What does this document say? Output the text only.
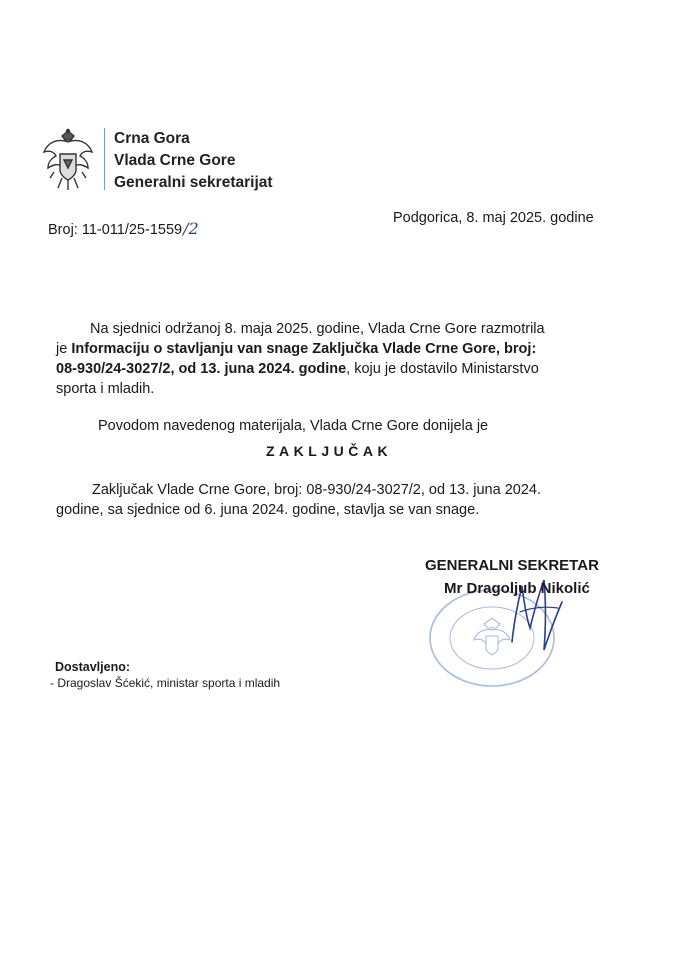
Crna Gora
Vlada Crne Gore
Generalni sekretarijat
Broj: 11-011/25-1559/2
Podgorica, 8. maj 2025. godine
Na sjednici održanoj 8. maja 2025. godine, Vlada Crne Gore razmotrila
je Informaciju o stavljanju van snage Zaključka Vlade Crne Gore, broj:
08-930/24-3027/2, od 13. juna 2024. godine, koju je dostavilo Ministarstvo
sporta i mladih.
Povodom navedenog materijala, Vlada Crne Gore donijela je
ZAKLJUČAK
Zaključak Vlade Crne Gore, broj: 08-930/24-3027/2, od 13. juna 2024.
godine, sa sjednice od 6. juna 2024. godine, stavlja se van snage.
GENERALNI SEKRETAR
Mr Dragoljub Nikolić
Dostavljeno:
- Dragoslav Šćekić, ministar sporta i mladih
